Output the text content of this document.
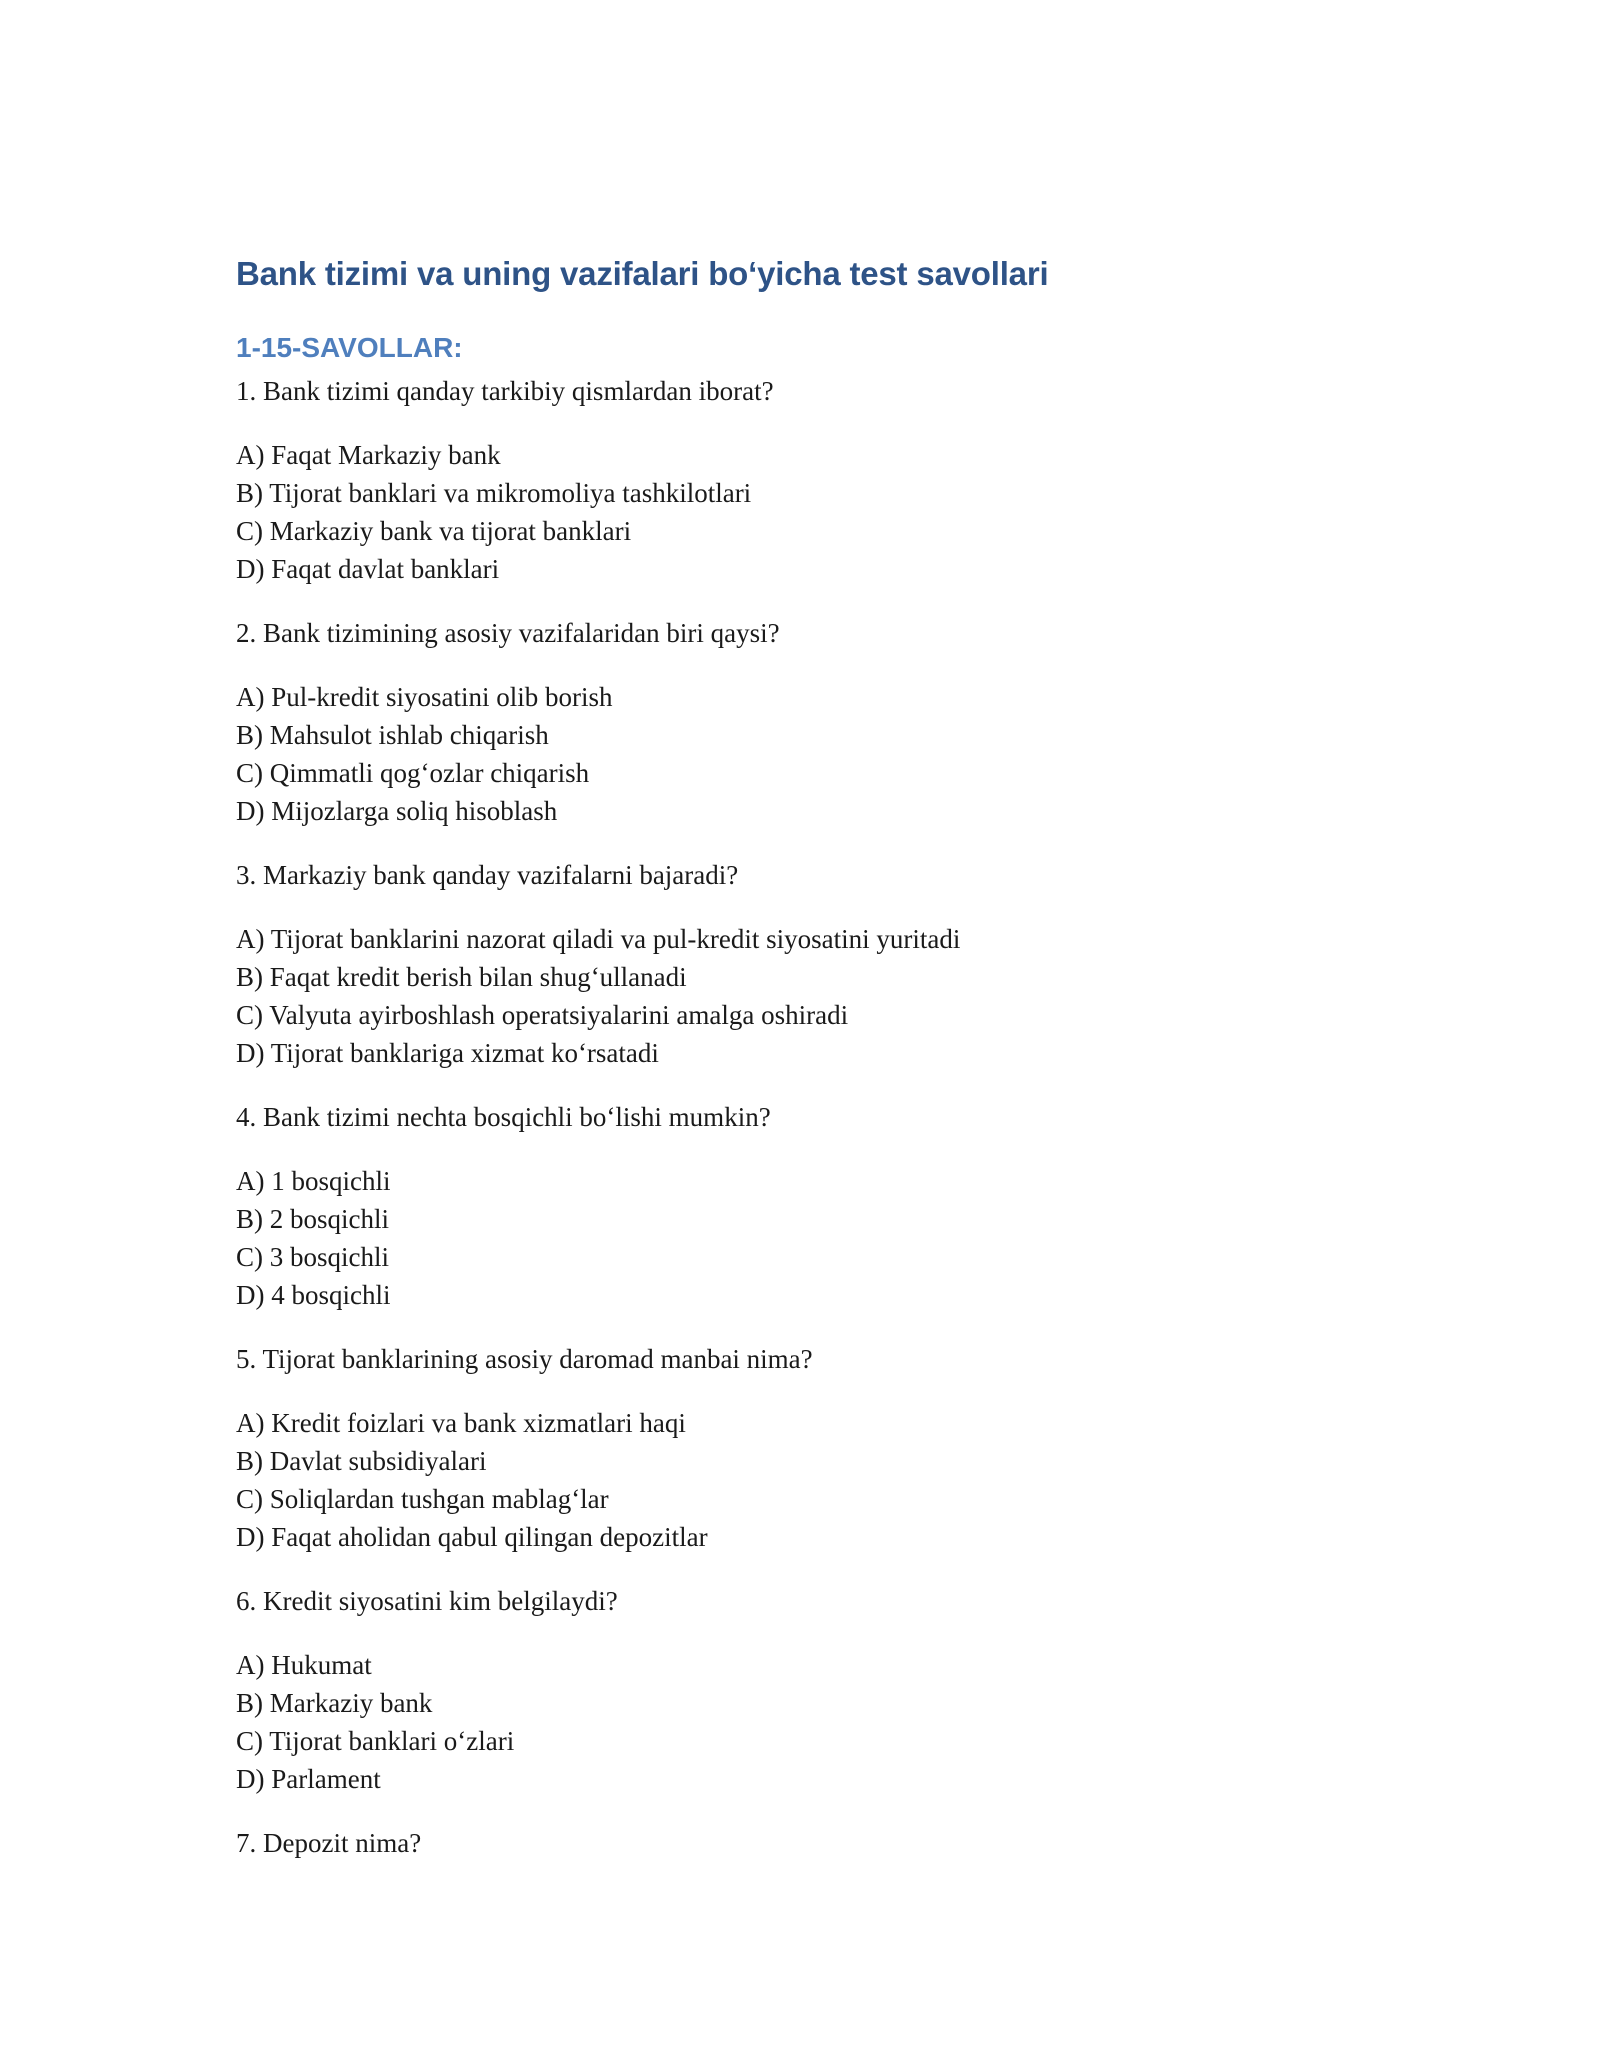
Bank tizimi va uning vazifalari bo‘yicha test savollari
1-15-SAVOLLAR:

1. Bank tizimi qanday tarkibiy qismlardan iborat?

A) Faqat Markaziy bank
B) Tijorat banklari va mikromoliya tashkilotlari
C) Markaziy bank va tijorat banklari
D) Faqat davlat banklari

2. Bank tizimining asosiy vazifalaridan biri qaysi?

A) Pul-kredit siyosatini olib borish
B) Mahsulot ishlab chiqarish
C) Qimmatli qog‘ozlar chiqarish
D) Mijozlarga soliq hisoblash

3. Markaziy bank qanday vazifalarni bajaradi?

A) Tijorat banklarini nazorat qiladi va pul-kredit siyosatini yuritadi
B) Faqat kredit berish bilan shug‘ullanadi
C) Valyuta ayirboshlash operatsiyalarini amalga oshiradi
D) Tijorat banklariga xizmat ko‘rsatadi

4. Bank tizimi nechta bosqichli bo‘lishi mumkin?

A) 1 bosqichli
B) 2 bosqichli
C) 3 bosqichli
D) 4 bosqichli

5. Tijorat banklarining asosiy daromad manbai nima?

A) Kredit foizlari va bank xizmatlari haqi
B) Davlat subsidiyalari
C) Soliqlardan tushgan mablag‘lar
D) Faqat aholidan qabul qilingan depozitlar

6. Kredit siyosatini kim belgilaydi?

A) Hukumat
B) Markaziy bank
C) Tijorat banklari o‘zlari
D) Parlament

7. Depozit nima?
